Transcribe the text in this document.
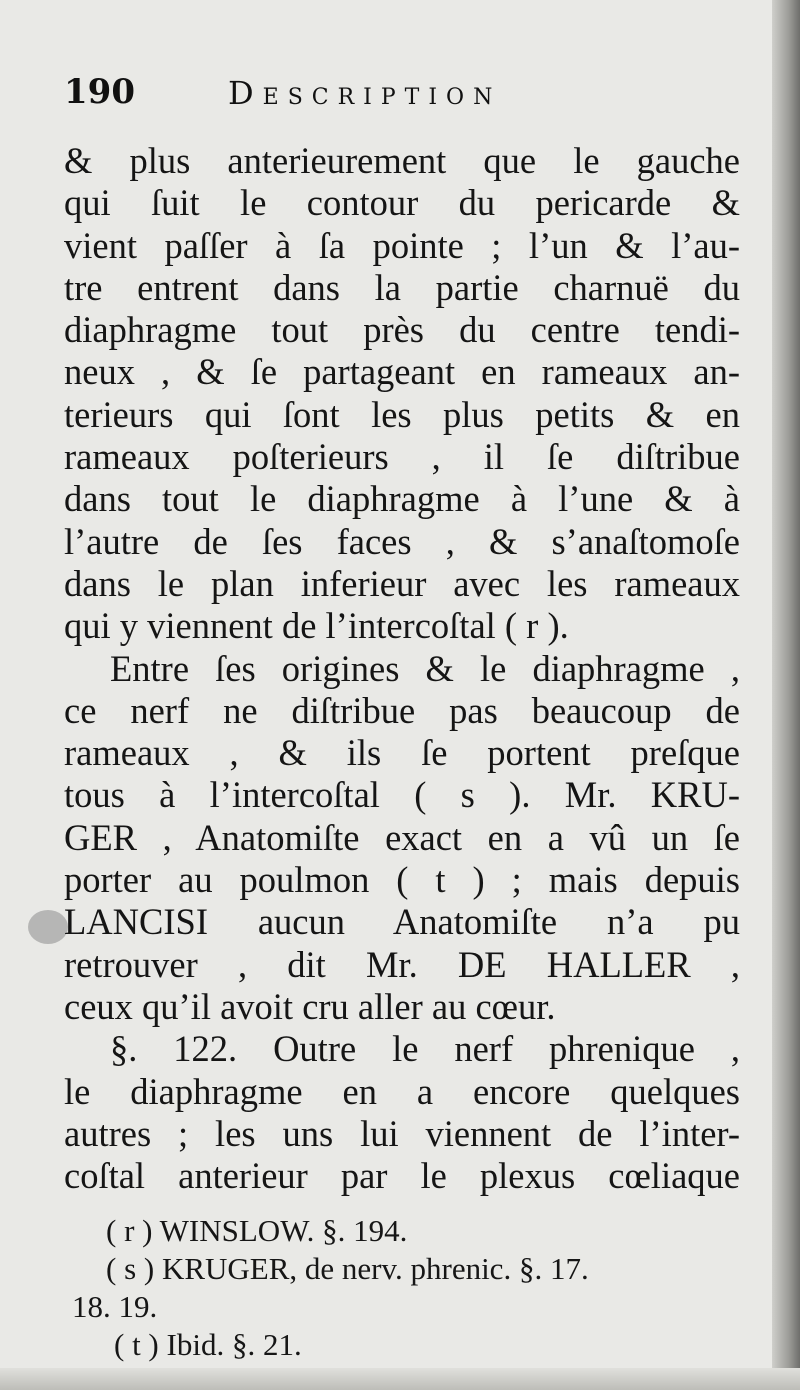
190	Description
& plus anterieurement que le gauche
qui ſuit le contour du pericarde &
vient paſſer à ſa pointe ; l’un & l’au-
tre entrent dans la partie charnuë du
diaphragme tout près du centre tendi-
neux , & ſe partageant en rameaux an-
terieurs qui ſont les plus petits & en
rameaux poſterieurs , il ſe diſtribue
dans tout le diaphragme à l’une & à
l’autre de ſes faces , & s’anaſtomoſe
dans le plan inferieur avec les rameaux
qui y viennent de l’intercoſtal ( r ).
Entre ſes origines & le diaphragme ,
ce nerf ne diſtribue pas beaucoup de
rameaux , & ils ſe portent preſque
tous à l’intercoſtal ( s ). Mr. KRU-
GER , Anatomiſte exact en a vû un ſe
porter au poulmon ( t ) ; mais depuis
LANCISI aucun Anatomiſte n’a pu
retrouver , dit Mr. DE HALLER ,
ceux qu’il avoit cru aller au cœur.
§. 122. Outre le nerf phrenique ,
le diaphragme en a encore quelques
autres ; les uns lui viennent de l’inter-
coſtal anterieur par le plexus cœliaque
( r ) WINSLOW. §. 194.
( s ) KRUGER, de nerv. phrenic. §. 17.
18. 19.
( t ) Ibid. §. 21.
